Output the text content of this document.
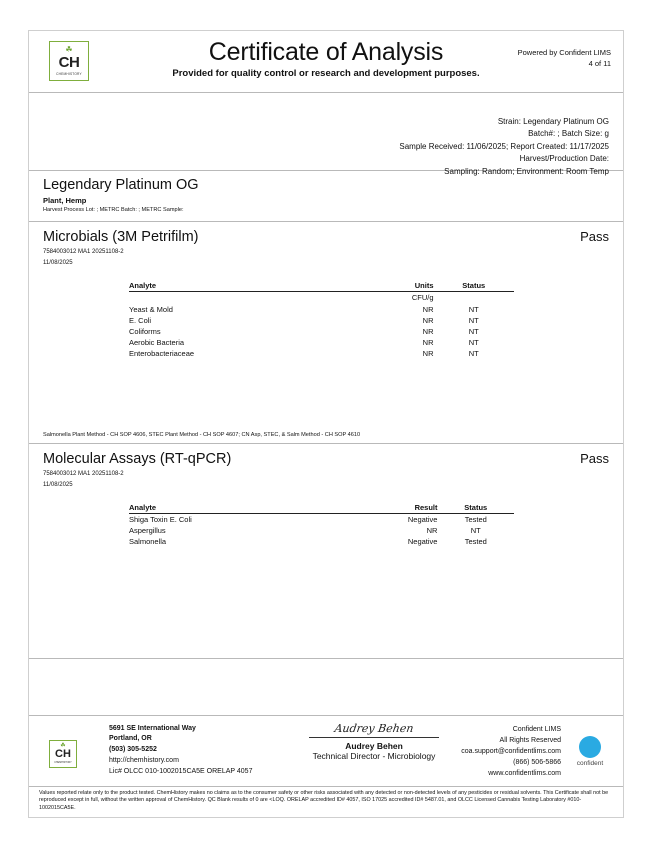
☘
CH
CHEMHISTORY
Certificate of Analysis
Provided for quality control or research and development purposes.
Powered by Confident LIMS
4 of 11
Strain: Legendary Platinum OG
Batch#: ; Batch Size: g
Sample Received: 11/06/2025; Report Created: 11/17/2025
Harvest/Production Date:
Sampling: Random; Environment: Room Temp
Legendary Platinum OG
Plant, Hemp
Harvest Process Lot: ; METRC Batch: ; METRC Sample:
Microbials (3M Petrifilm)
7584003012 MA1 20251108-2
11/08/2025
Pass
Analyte	Units	Status
	CFU/g	
Yeast & Mold	NR	NT
E. Coli	NR	NT
Coliforms	NR	NT
Aerobic Bacteria	NR	NT
Enterobacteriaceae	NR	NT
Salmonella Plant Method - CH SOP 4606, STEC Plant Method - CH SOP 4607; CN Asp, STEC, & Salm Method - CH SOP 4610
Molecular Assays (RT-qPCR)
7584003012 MA1 20251108-2
11/08/2025
Pass
Analyte	Result	Status
Shiga Toxin E. Coli	Negative	Tested
Aspergillus	NR	NT
Salmonella	Negative	Tested
☘
CH
CHEMHISTORY
5691 SE International Way
Portland, OR
(503) 305-5252
http://chemhistory.com
Lic# OLCC 010-1002015CA5E ORELAP 4057
Audrey Behen
Audrey Behen
Technical Director - Microbiology
Confident LIMS
All Rights Reserved
coa.support@confidentlims.com
(866) 506-5866
www.confidentlims.com
confident
Values reported relate only to the product tested. ChemHistory makes no claims as to the consumer safety or other risks associated with any detected or non-detected levels of any pesticides or residual solvents. This Certificate shall not be reproduced except in full, without the written approval of ChemHistory. QC Blank results of 0 are <LOQ. ORELAP accredited ID# 4057, ISO 17025 accredited ID# 5487.01, and OLCC Licensed Cannabis Testing Laboratory #010-1002015CA5E.
